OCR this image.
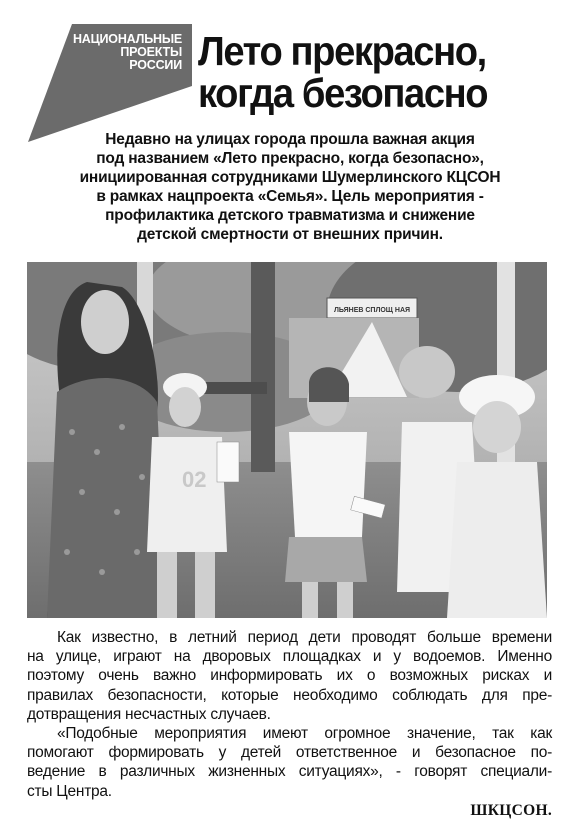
НАЦИОНАЛЬНЫЕ
ПРОЕКТЫ
РОССИИ Лето прекрасно,
когда безопасно
Недавно на улицах города прошла важная акция
под названием «Лето прекрасно, когда безопасно»,
инициированная сотрудниками Шумерлинского КЦСОН
в рамках нацпроекта «Семья». Цель мероприятия -
профилактика детского травматизма и снижение
детской смертности от внешних причин.
ЛЬЯНЕВ СПЛОЩ НАЯ
02
Как известно, в летний период дети проводят больше времени
на улице, играют на дворовых площадках и у водоемов. Именно
поэтому очень важно информировать их о возможных рисках и
правилах безопасности, которые необходимо соблюдать для пре-
дотвращения несчастных случаев.
«Подобные мероприятия имеют огромное значение, так как
помогают формировать у детей ответственное и безопасное по-
ведение в различных жизненных ситуациях», - говорят специали-
сты Центра.
ШКЦСОН.
